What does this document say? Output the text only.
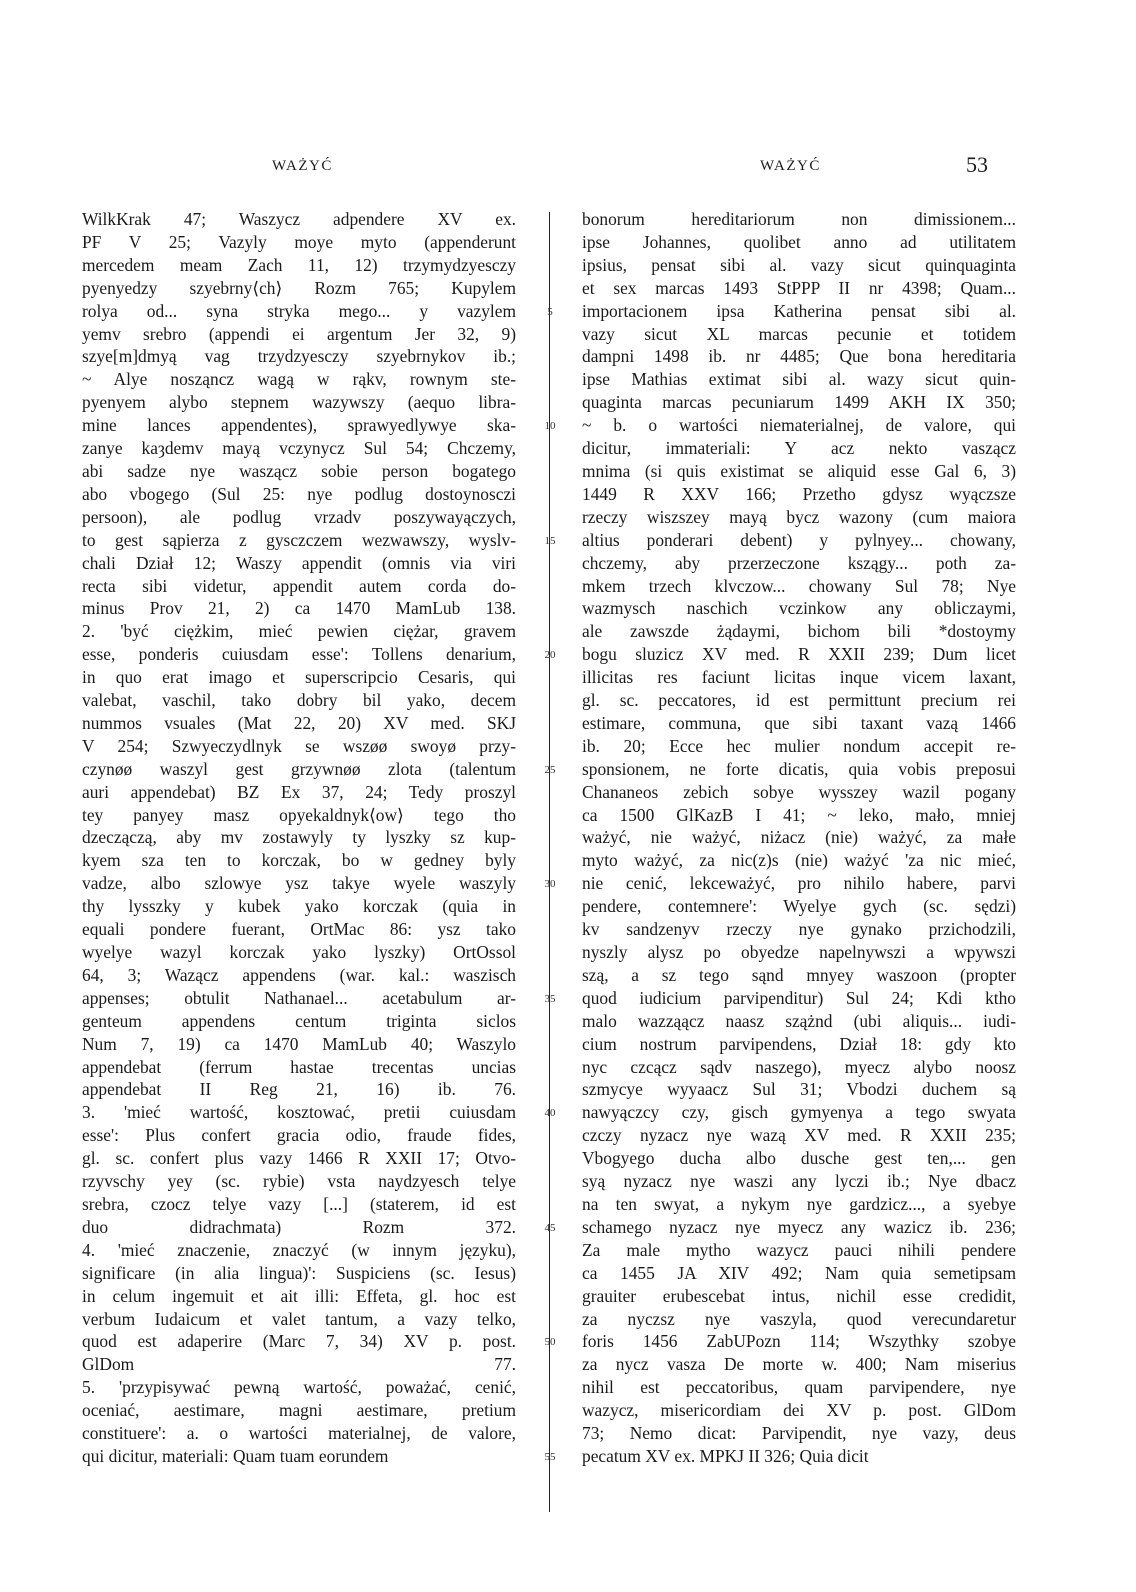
WAŻYĆ	WAŻYĆ	53
WilkKrak 47; Waszycz adpendere XV ex.
PF V 25; Vazyly moye myto (appenderunt
mercedem meam Zach 11, 12) trzymydzyesczy
pyenyedzy szyebrny⟨ch⟩ Rozm 765; Kupylem
rolya od... syna stryka mego... y vazylem
yemv srebro (appendi ei argentum Jer 32, 9)
szye[m]dmyą vag trzydzyesczy szyebrnykov ib.;
~ Alye nosząncz wagą w rąkv, rownym ste-
pyenyem alybo stepnem wazywszy (aequo libra-
mine lances appendentes), sprawyedlywye ska-
zanye kaȝdemv mayą vczynycz Sul 54; Chczemy,
abi sadze nye waszącz sobie person bogatego
abo vbogego (Sul 25: nye podlug dostoynosczi
persoon), ale podlug vrzadv poszywayączych,
to gest sąpierza z gysczczem wezwawszy, wyslv-
chali Dział 12; Waszy appendit (omnis via viri
recta sibi videtur, appendit autem corda do-
minus Prov 21, 2) ca 1470 MamLub 138.
2. 'być ciężkim, mieć pewien ciężar, gravem
esse, ponderis cuiusdam esse': Tollens denarium,
in quo erat imago et superscripcio Cesaris, qui
valebat, vaschil, tako dobry bil yako, decem
nummos vsuales (Mat 22, 20) XV med. SKJ
V 254; Szwyeczydlnyk se wszøø swoyø przy-
czynøø waszyl gest grzywnøø zlota (talentum
auri appendebat) BZ Ex 37, 24; Tedy proszyl
tey panyey masz opyekaldnyk⟨ow⟩ tego tho
dzeczączą, aby mv zostawyly ty lyszky sz kup-
kyem sza ten to korczak, bo w gedney byly
vadze, albo szlowye ysz takye wyele waszyly
thy lysszky y kubek yako korczak (quia in
equali pondere fuerant, OrtMac 86: ysz tako
wyelye wazyl korczak yako lyszky) OrtOssol
64, 3; Wazącz appendens (war. kal.: waszisch
appenses; obtulit Nathanael... acetabulum ar-
genteum appendens centum triginta siclos
Num 7, 19) ca 1470 MamLub 40; Waszylo
appendebat (ferrum hastae trecentas uncias
appendebat II Reg 21, 16) ib. 76.
3. 'mieć wartość, kosztować, pretii cuiusdam
esse': Plus confert gracia odio, fraude fides,
gl. sc. confert plus vazy 1466 R XXII 17; Otvo-
rzyvschy yey (sc. rybie) vsta naydzyesch telye
srebra, czocz telye vazy [...] (staterem, id est
duo didrachmata) Rozm 372.
4. 'mieć znaczenie, znaczyć (w innym języku),
significare (in alia lingua)': Suspiciens (sc. Iesus)
in celum ingemuit et ait illi: Effeta, gl. hoc est
verbum Iudaicum et valet tantum, a vazy telko,
quod est adaperire (Marc 7, 34) XV p. post.
GlDom 77.
5. 'przypisywać pewną wartość, poważać, cenić,
oceniać, aestimare, magni aestimare, pretium
constituere': a. o wartości materialnej, de valore,
qui dicitur, materiali: Quam tuam eorundem
5
10
15
20
25
30
35
40
45
50
55
bonorum hereditariorum non dimissionem...
ipse Johannes, quolibet anno ad utilitatem
ipsius, pensat sibi al. vazy sicut quinquaginta
et sex marcas 1493 StPPP II nr 4398; Quam...
importacionem ipsa Katherina pensat sibi al.
vazy sicut XL marcas pecunie et totidem
dampni 1498 ib. nr 4485; Que bona hereditaria
ipse Mathias extimat sibi al. wazy sicut quin-
quaginta marcas pecuniarum 1499 AKH IX 350;
~ b. o wartości niematerialnej, de valore, qui
dicitur, immateriali: Y acz nekto vaszącz
mnima (si quis existimat se aliquid esse Gal 6, 3)
1449 R XXV 166; Przetho gdysz wyączsze
rzeczy wiszszey mayą bycz wazony (cum maiora
altius ponderari debent) y pylnyey... chowany,
chczemy, aby przerzeczone kszągy... poth za-
mkem trzech klvczow... chowany Sul 78; Nye
wazmysch naschich vczinkow any obliczaymi,
ale zawszde żądaymi, bichom bili *dostoymy
bogu sluzicz XV med. R XXII 239; Dum licet
illicitas res faciunt licitas inque vicem laxant,
gl. sc. peccatores, id est permittunt precium rei
estimare, communa, que sibi taxant vazą 1466
ib. 20; Ecce hec mulier nondum accepit re-
sponsionem, ne forte dicatis, quia vobis preposui
Chananeos zebich sobye wysszey wazil pogany
ca 1500 GlKazB I 41; ~ leko, mało, mniej
ważyć, nie ważyć, niżacz (nie) ważyć, za małe
myto ważyć, za nic(z)s (nie) ważyć 'za nic mieć,
nie cenić, lekceważyć, pro nihilo habere, parvi
pendere, contemnere': Wyelye gych (sc. sędzi)
kv sandzenyv rzeczy nye gynako przichodzili,
nyszly alysz po obyedze napelnywszi a wpywszi
szą, a sz tego sąnd mnyey waszoon (propter
quod iudicium parvipenditur) Sul 24; Kdi ktho
malo wazząącz naasz szążnd (ubi aliquis... iudi-
cium nostrum parvipendens, Dział 18: gdy kto
nyc czcącz sądv naszego), myecz alybo noosz
szmycye wyyaacz Sul 31; Vbodzi duchem są
nawyączcy czy, gisch gymyenya a tego swyata
czczy nyzacz nye wazą XV med. R XXII 235;
Vbogyego ducha albo dusche gest ten,... gen
syą nyzacz nye waszi any lyczi ib.; Nye dbacz
na ten swyat, a nykym nye gardzicz..., a syebye
schamego nyzacz nye myecz any wazicz ib. 236;
Za male mytho wazycz pauci nihili pendere
ca 1455 JA XIV 492; Nam quia semetipsam
grauiter erubescebat intus, nichil esse credidit,
za nyczsz nye vaszyla, quod verecundaretur
foris 1456 ZabUPozn 114; Wszythky szobye
za nycz vasza De morte w. 400; Nam miserius
nihil est peccatoribus, quam parvipendere, nye
wazycz, misericordiam dei XV p. post. GlDom
73; Nemo dicat: Parvipendit, nye vazy, deus
pecatum XV ex. MPKJ II 326; Quia dicit
